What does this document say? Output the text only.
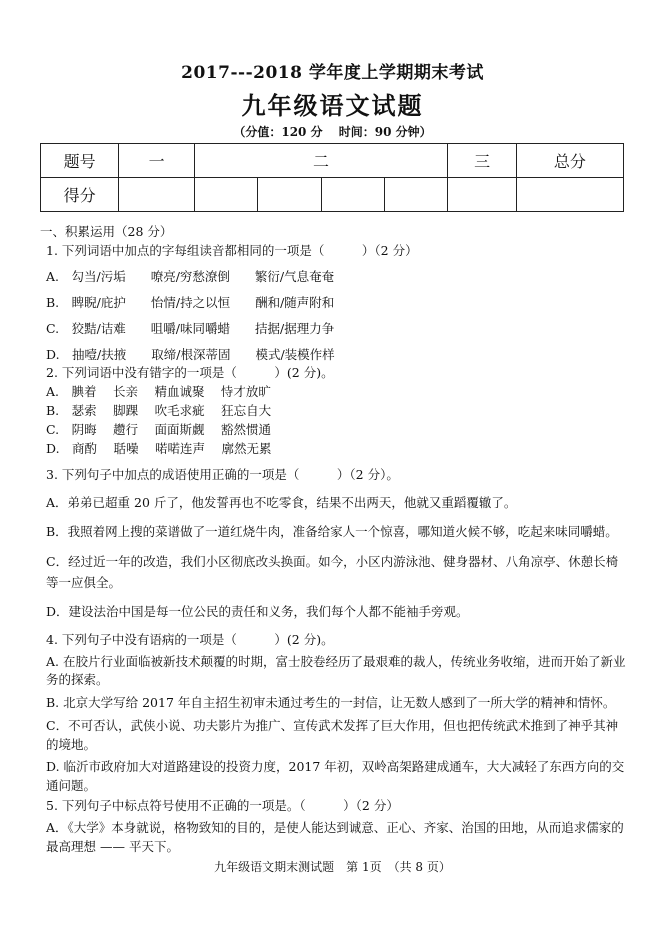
2017---2018 学年度上学期期末考试
九年级语文试题
（分值：120 分　 时间：90 分钟）
题号	一	二				三	总分
得分							
一、积累运用（28 分）
1. 下列词语中加点的字每组读音都相同的一项是（　　　）（2 分）
A.　勾当/污垢　　嘹亮/穷愁潦倒　　繁衍/气息奄奄
B.　睥睨/庇护　　怡情/持之以恒　　酬和/随声附和
C.　狡黠/诘难　　咀嚼/味同嚼蜡　　拮据/据理力争
D.　抽噎/扶掖　　取缔/根深蒂固　　模式/装模作样
2. 下列词语中没有错字的一项是（　　　）(2 分)。
A.　腆着　 长亲　 精血诚聚　 恃才放旷
B.　瑟索　 脚踝　 吹毛求疵　 狂忘自大
C.　阴晦　 趱行　 面面斯觑　 豁然惯通
D.　商酌　 聒噪　 喏喏连声　 廓然无累
3. 下列句子中加点的成语使用正确的一项是（　　　）（2 分）。
A．弟弟已超重 20 斤了，他发誓再也不吃零食，结果不出两天，他就又重蹈覆辙了。
B．我照着网上搜的菜谱做了一道红烧牛肉，准备给家人一个惊喜，哪知道火候不够，吃起来味同嚼蜡。
C．经过近一年的改造，我们小区彻底改头换面。如今，小区内游泳池、健身器材、八角凉亭、休憩长椅等一应俱全。
D．建设法治中国是每一位公民的责任和义务，我们每个人都不能袖手旁观。
4. 下列句子中没有语病的一项是（　　　）(2 分)。
A. 在胶片行业面临被新技术颠覆的时期，富士胶卷经历了最艰难的裁人，传统业务收缩，进而开始了新业务的探索。
B. 北京大学写给 2017 年自主招生初审未通过考生的一封信，让无数人感到了一所大学的精神和情怀。
C．不可否认，武侠小说、功夫影片为推广、宣传武术发挥了巨大作用，但也把传统武术推到了神乎其神的境地。
D. 临沂市政府加大对道路建设的投资力度，2017 年初，双岭高架路建成通车，大大减轻了东西方向的交通问题。
5. 下列句子中标点符号使用不正确的一项是。（　　　）（2 分）
A．《大学》本身就说，格物致知的目的，是使人能达到诚意、正心、齐家、治国的田地，从而追求儒家的最高理想 —— 平天下。
九年级语文期末测试题　第 1页　（共 8 页）
